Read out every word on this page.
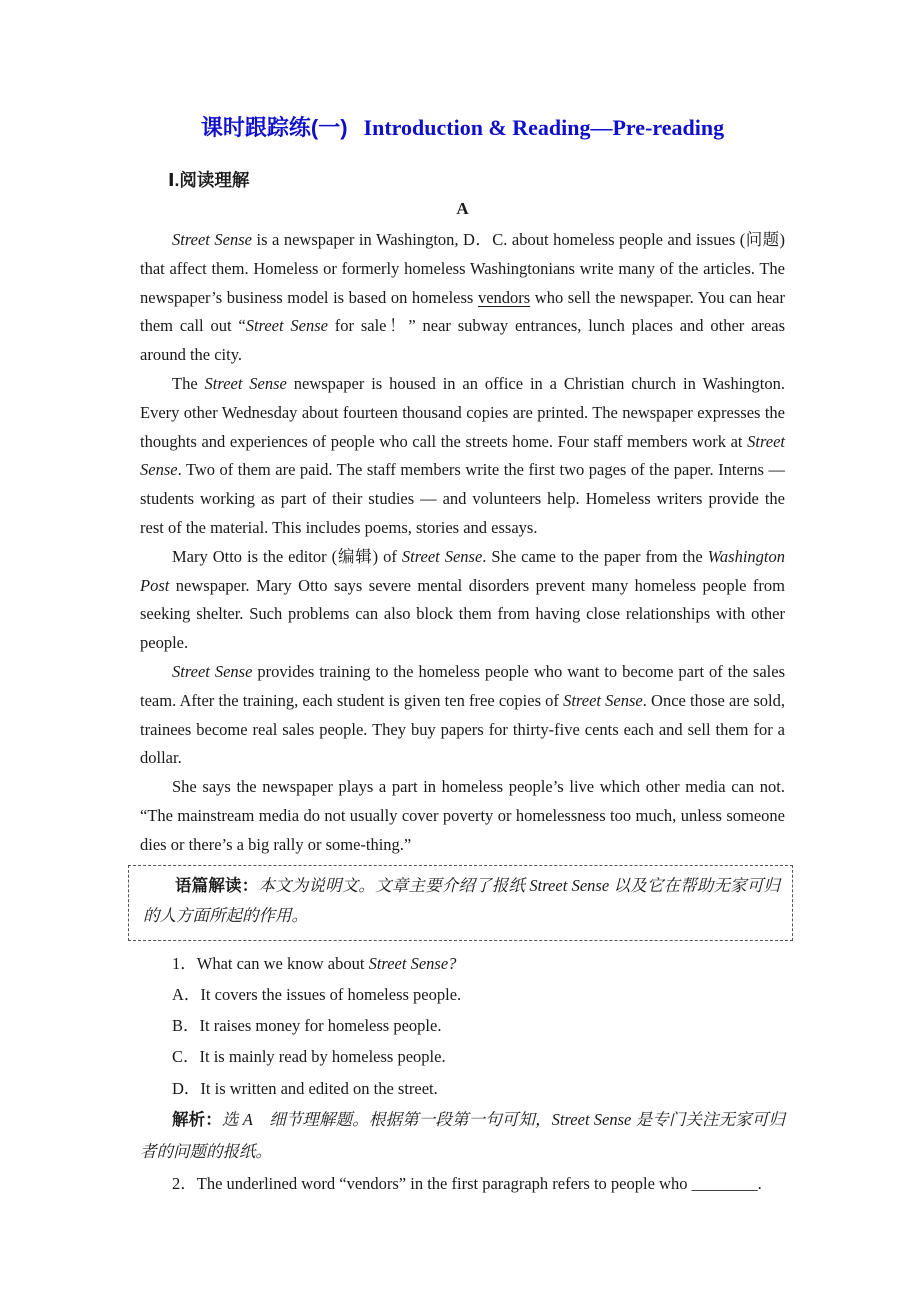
课时跟踪练(一) Introduction & Reading—Pre-reading
Ⅰ.阅读理解
A

Street Sense is a newspaper in Washington, D．C. about homeless people and issues (问题) that affect them. Homeless or formerly homeless Washingtonians write many of the articles. The newspaper’s business model is based on homeless vendors who sell the newspaper. You can hear them call out “Street Sense for sale！” near subway entrances, lunch places and other areas around the city.

The Street Sense newspaper is housed in an office in a Christian church in Washington. Every other Wednesday about fourteen thousand copies are printed. The newspaper expresses the thoughts and experiences of people who call the streets home. Four staff members work at Street Sense. Two of them are paid. The staff members write the first two pages of the paper. Interns — students working as part of their studies — and volunteers help. Homeless writers provide the rest of the material. This includes poems, stories and essays.

Mary Otto is the editor (编辑) of Street Sense. She came to the paper from the Washington Post newspaper. Mary Otto says severe mental disorders prevent many homeless people from seeking shelter. Such problems can also block them from having close relationships with other people.

Street Sense provides training to the homeless people who want to become part of the sales team. After the training, each student is given ten free copies of Street Sense. Once those are sold, trainees become real sales people. They buy papers for thirty-five cents each and sell them for a dollar.

She says the newspaper plays a part in homeless people’s live which other media can not. “The mainstream media do not usually cover poverty or homelessness too much, unless someone dies or there’s a big rally or some-thing.”

语篇解读：本文为说明文。文章主要介绍了报纸 Street Sense 以及它在帮助无家可归的人方面所起的作用。

1．What can we know about Street Sense?

A．It covers the issues of homeless people.

B．It raises money for homeless people.

C．It is mainly read by homeless people.

D．It is written and edited on the street.

解析：选 A　细节理解题。根据第一段第一句可知，Street Sense 是专门关注无家可归者的问题的报纸。

2．The underlined word “vendors” in the first paragraph refers to people who ________.
